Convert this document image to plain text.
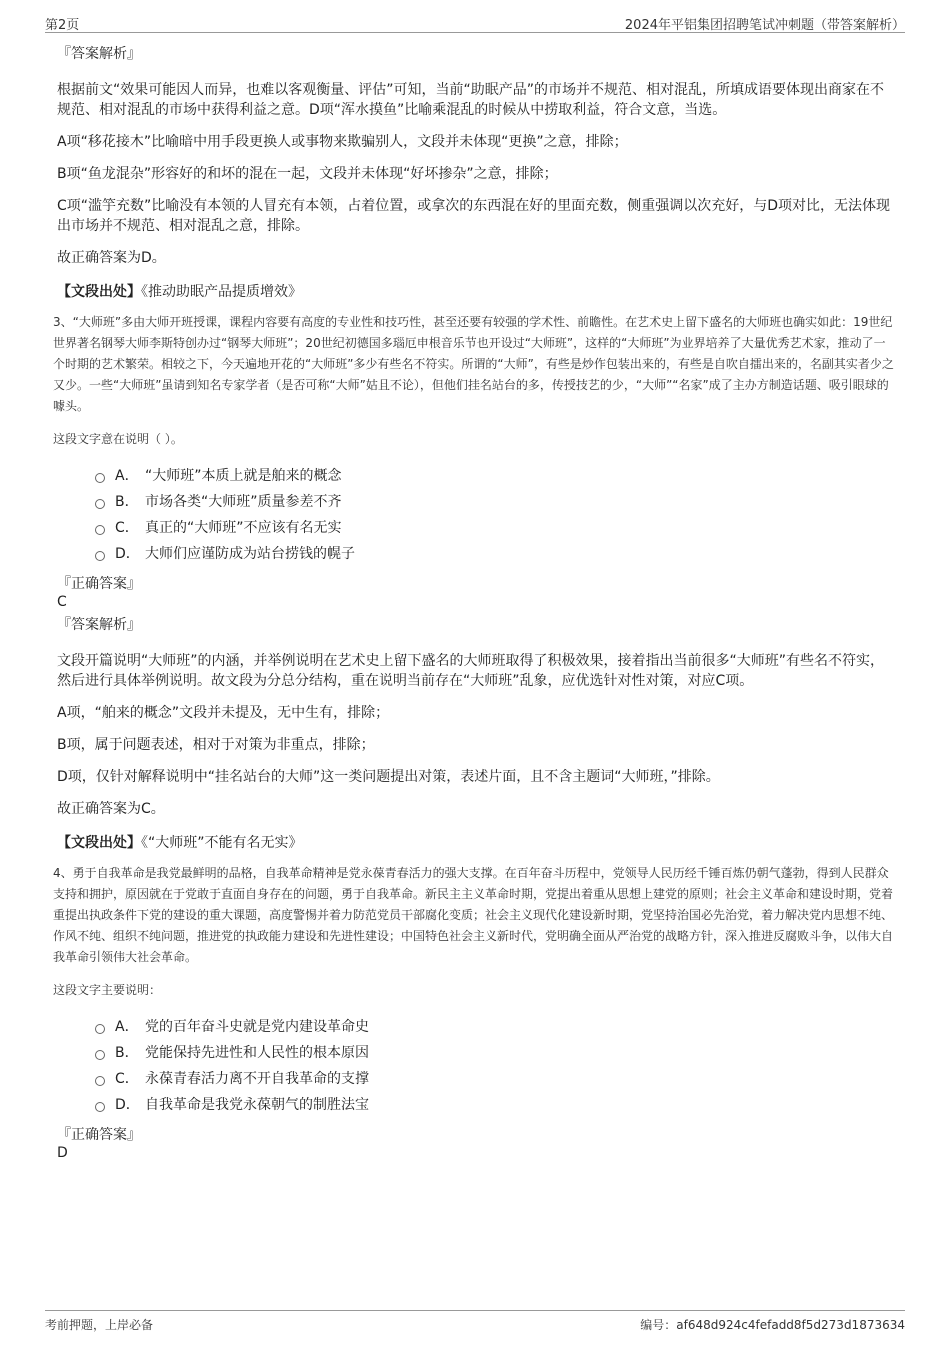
第2页	2024年平铝集团招聘笔试冲刺题（带答案解析）
『答案解析』
根据前文“效果可能因人而异，也难以客观衡量、评估”可知，当前“助眠产品”的市场并不规范、相对混乱，所填成语要体现出商家在不规范、相对混乱的市场中获得利益之意。D项“浑水摸鱼”比喻乘混乱的时候从中捞取利益，符合文意，当选。
A项“移花接木”比喻暗中用手段更换人或事物来欺骗别人，文段并未体现“更换”之意，排除；
B项“鱼龙混杂”形容好的和坏的混在一起，文段并未体现“好坏掺杂”之意，排除；
C项“滥竽充数”比喻没有本领的人冒充有本领，占着位置，或拿次的东西混在好的里面充数，侧重强调以次充好，与D项对比，无法体现出市场并不规范、相对混乱之意，排除。
故正确答案为D。
【文段出处】《推动助眠产品提质增效》
3、“大师班”多由大师开班授课，课程内容要有高度的专业性和技巧性，甚至还要有较强的学术性、前瞻性。在艺术史上留下盛名的大师班也确实如此：19世纪世界著名钢琴大师李斯特创办过“钢琴大师班”；20世纪初德国多瑙厄申根音乐节也开设过“大师班”，这样的“大师班”为业界培养了大量优秀艺术家，推动了一个时期的艺术繁荣。相较之下，今天遍地开花的“大师班”多少有些名不符实。所谓的“大师”，有些是炒作包装出来的，有些是自吹自擂出来的，名副其实者少之又少。一些“大师班”虽请到知名专家学者（是否可称“大师”姑且不论），但他们挂名站台的多，传授技艺的少，“大师”“名家”成了主办方制造话题、吸引眼球的噱头。
这段文字意在说明（ ）。
A． “大师班”本质上就是舶来的概念
B． 市场各类“大师班”质量参差不齐
C． 真正的“大师班”不应该有名无实
D． 大师们应谨防成为站台捞钱的幌子
『正确答案』
C
『答案解析』
文段开篇说明“大师班”的内涵，并举例说明在艺术史上留下盛名的大师班取得了积极效果，接着指出当前很多“大师班”有些名不符实，然后进行具体举例说明。故文段为分总分结构，重在说明当前存在“大师班”乱象，应优选针对性对策，对应C项。
A项，“舶来的概念”文段并未提及，无中生有，排除；
B项，属于问题表述，相对于对策为非重点，排除；
D项，仅针对解释说明中“挂名站台的大师”这一类问题提出对策，表述片面，且不含主题词“大师班，”排除。
故正确答案为C。
【文段出处】《“大师班”不能有名无实》
4、勇于自我革命是我党最鲜明的品格，自我革命精神是党永葆青春活力的强大支撑。在百年奋斗历程中，党领导人民历经千锤百炼仍朝气蓬勃，得到人民群众支持和拥护，原因就在于党敢于直面自身存在的问题，勇于自我革命。新民主主义革命时期，党提出着重从思想上建党的原则；社会主义革命和建设时期，党着重提出执政条件下党的建设的重大课题，高度警惕并着力防范党员干部腐化变质；社会主义现代化建设新时期，党坚持治国必先治党，着力解决党内思想不纯、作风不纯、组织不纯问题，推进党的执政能力建设和先进性建设；中国特色社会主义新时代，党明确全面从严治党的战略方针，深入推进反腐败斗争，以伟大自我革命引领伟大社会革命。
这段文字主要说明：
A． 党的百年奋斗史就是党内建设革命史
B． 党能保持先进性和人民性的根本原因
C． 永葆青春活力离不开自我革命的支撑
D． 自我革命是我党永葆朝气的制胜法宝
『正确答案』
D
考前押题，上岸必备	编号：af648d924c4fefadd8f5d273d1873634
